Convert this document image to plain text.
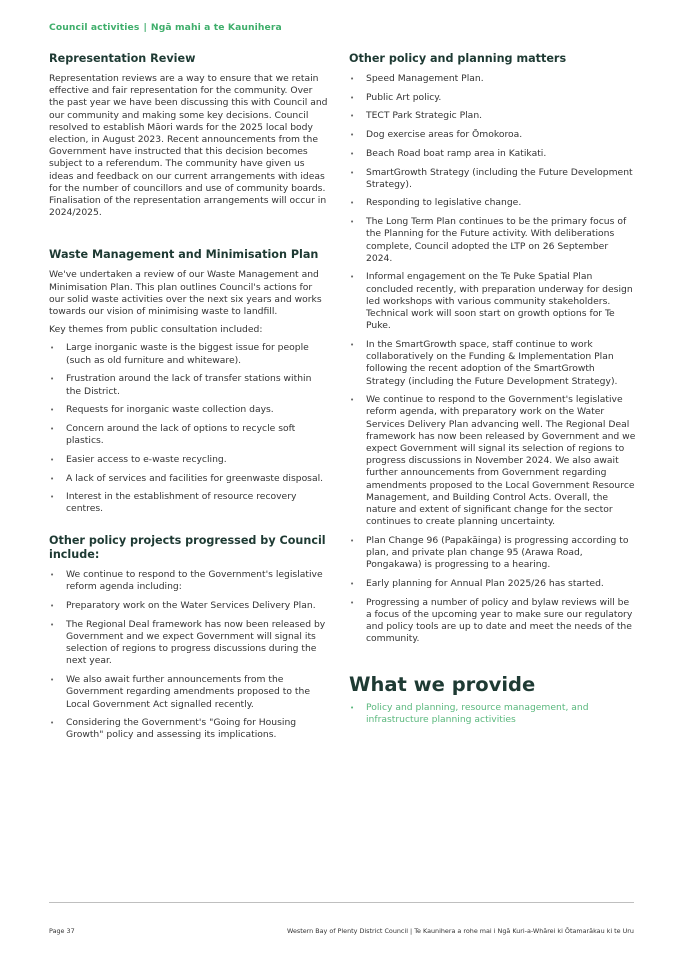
Council activities | Ngā mahi a te Kaunihera
Representation Review

Representation reviews are a way to ensure that we retain effective and fair representation for the community. Over the past year we have been discussing this with Council and our community and making some key decisions. Council resolved to establish Māori wards for the 2025 local body election, in August 2023. Recent announcements from the Government have instructed that this decision becomes subject to a referendum. The community have given us ideas and feedback on our current arrangements with ideas for the number of councillors and use of community boards. Finalisation of the representation arrangements will occur in 2024/2025.

Waste Management and Minimisation Plan

We've undertaken a review of our Waste Management and Minimisation Plan. This plan outlines Council's actions for our solid waste activities over the next six years and works towards our vision of minimising waste to landfill.

Key themes from public consultation included:

• Large inorganic waste is the biggest issue for people (such as old furniture and whiteware).
• Frustration around the lack of transfer stations within the District.
• Requests for inorganic waste collection days.
• Concern around the lack of options to recycle soft plastics.
• Easier access to e-waste recycling.
• A lack of services and facilities for greenwaste disposal.
• Interest in the establishment of resource recovery centres.
Other policy projects progressed by Council include:
• We continue to respond to the Government's legislative reform agenda including:
• Preparatory work on the Water Services Delivery Plan.
• The Regional Deal framework has now been released by Government and we expect Government will signal its selection of regions to progress discussions during the next year.
• We also await further announcements from the Government regarding amendments proposed to the Local Government Act signalled recently.
• Considering the Government's "Going for Housing Growth" policy and assessing its implications.
Other policy and planning matters
• Speed Management Plan.
• Public Art policy.
• TECT Park Strategic Plan.
• Dog exercise areas for Ōmokoroa.
• Beach Road boat ramp area in Katikati.
• SmartGrowth Strategy (including the Future Development Strategy).
• Responding to legislative change.
• The Long Term Plan continues to be the primary focus of the Planning for the Future activity. With deliberations complete, Council adopted the LTP on 26 September 2024.
• Informal engagement on the Te Puke Spatial Plan concluded recently, with preparation underway for design led workshops with various community stakeholders. Technical work will soon start on growth options for Te Puke.
• In the SmartGrowth space, staff continue to work collaboratively on the Funding & Implementation Plan following the recent adoption of the SmartGrowth Strategy (including the Future Development Strategy).
• We continue to respond to the Government's legislative reform agenda, with preparatory work on the Water Services Delivery Plan advancing well. The Regional Deal framework has now been released by Government and we expect Government will signal its selection of regions to progress discussions in November 2024. We also await further announcements from Government regarding amendments proposed to the Local Government Resource Management, and Building Control Acts. Overall, the nature and extent of significant change for the sector continues to create planning uncertainty.
• Plan Change 96 (Papakāinga) is progressing according to plan, and private plan change 95 (Arawa Road, Pongakawa) is progressing to a hearing.
• Early planning for Annual Plan 2025/26 has started.
• Progressing a number of policy and bylaw reviews will be a focus of the upcoming year to make sure our regulatory and policy tools are up to date and meet the needs of the community.
What we provide
• Policy and planning, resource management, and infrastructure planning activities
Page 37	Western Bay of Plenty District Council | Te Kaunihera a rohe mai i Ngā Kuri-a-Whārei ki Ōtamarākau ki te Uru
